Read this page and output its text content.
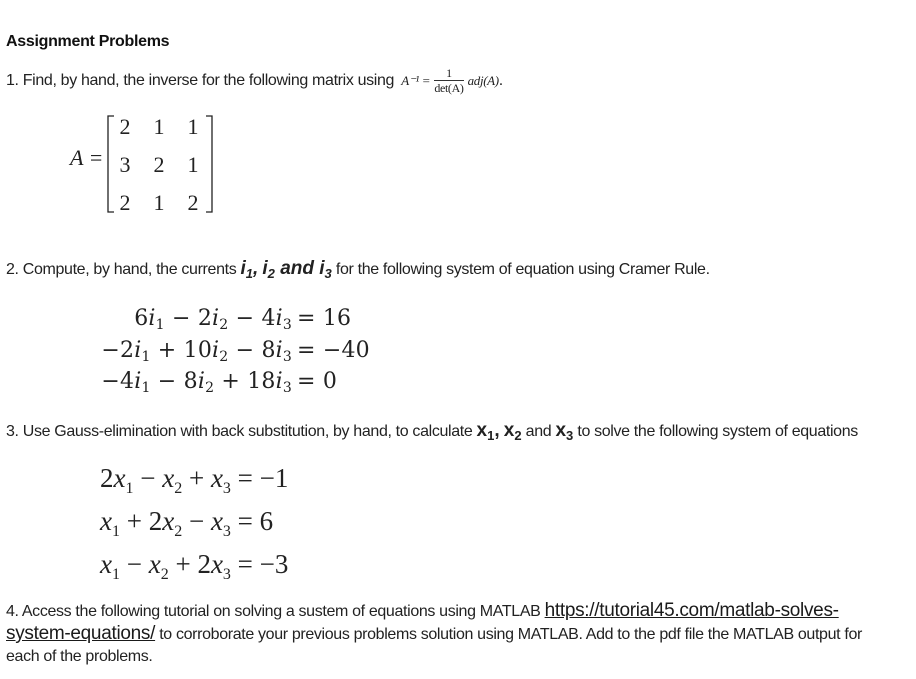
Assignment Problems
1. Find, by hand, the inverse for the following matrix using $A^{-1} = \frac{1}{\det(A)} adj(A)$.
A =
2 1 1
3 2 1
2 1 2
2. Compute, by hand, the currents $i_1$, $i_2$ and $i_3$ for the following system of equation using Cramer Rule.
$6i_1 - 2i_2 - 4i_3 = 16$
$-2i_1 + 10i_2 - 8i_3 = -40$
$-4i_1 - 8i_2 + 18i_3 = 0$
3. Use Gauss-elimination with back substitution, by hand, to calculate $x_1$, $x_2$ and $x_3$ to solve the following system of equations
$2x_1 - x_2 + x_3 = -1$
$x_1 + 2x_2 - x_3 = 6$
$x_1 - x_2 + 2x_3 = -3$
4. Access the following tutorial on solving a sustem of equations using MATLAB https://tutorial45.com/matlab-solves-system-equations/ to corroborate your previous problems solution using MATLAB. Add to the pdf file the MATLAB output for each of the problems.
